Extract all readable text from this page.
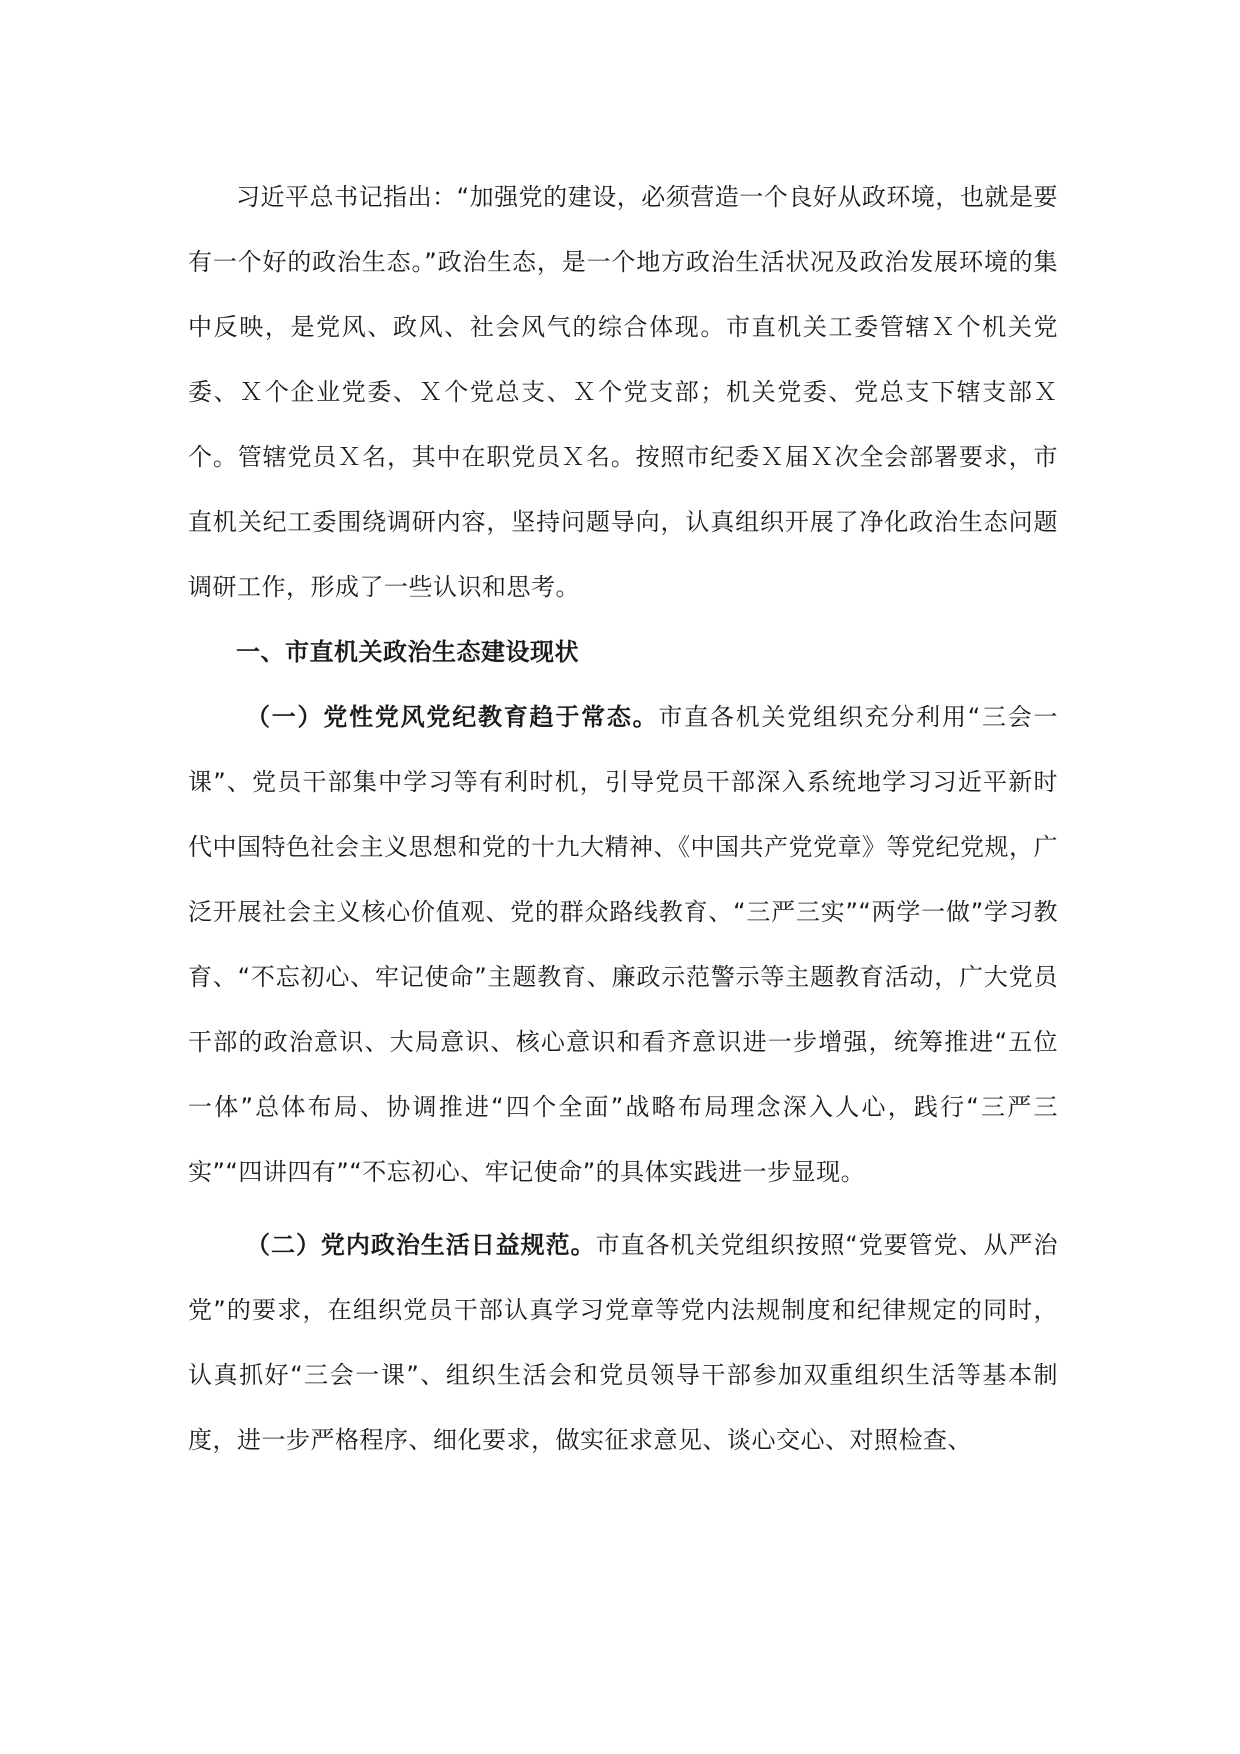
习近平总书记指出：“加强党的建设，必须营造一个良好从政环境，也就是要有一个好的政治生态。”政治生态，是一个地方政治生活状况及政治发展环境的集中反映，是党风、政风、社会风气的综合体现。市直机关工委管辖Ｘ个机关党委、Ｘ个企业党委、Ｘ个党总支、Ｘ个党支部；机关党委、党总支下辖支部Ｘ个。管辖党员Ｘ名，其中在职党员Ｘ名。按照市纪委Ｘ届Ｘ次全会部署要求，市直机关纪工委围绕调研内容，坚持问题导向，认真组织开展了净化政治生态问题调研工作，形成了一些认识和思考。

一、市直机关政治生态建设现状

（一）党性党风党纪教育趋于常态。市直各机关党组织充分利用“三会一课”、党员干部集中学习等有利时机，引导党员干部深入系统地学习习近平新时代中国特色社会主义思想和党的十九大精神、《中国共产党党章》等党纪党规，广泛开展社会主义核心价值观、党的群众路线教育、“三严三实”“两学一做”学习教育、“不忘初心、牢记使命”主题教育、廉政示范警示等主题教育活动，广大党员干部的政治意识、大局意识、核心意识和看齐意识进一步增强，统筹推进“五位一体”总体布局、协调推进“四个全面”战略布局理念深入人心，践行“三严三实”“四讲四有”“不忘初心、牢记使命”的具体实践进一步显现。

（二）党内政治生活日益规范。市直各机关党组织按照“党要管党、从严治党”的要求，在组织党员干部认真学习党章等党内法规制度和纪律规定的同时，认真抓好“三会一课”、组织生活会和党员领导干部参加双重组织生活等基本制度，进一步严格程序、细化要求，做实征求意见、谈心交心、对照检查、
